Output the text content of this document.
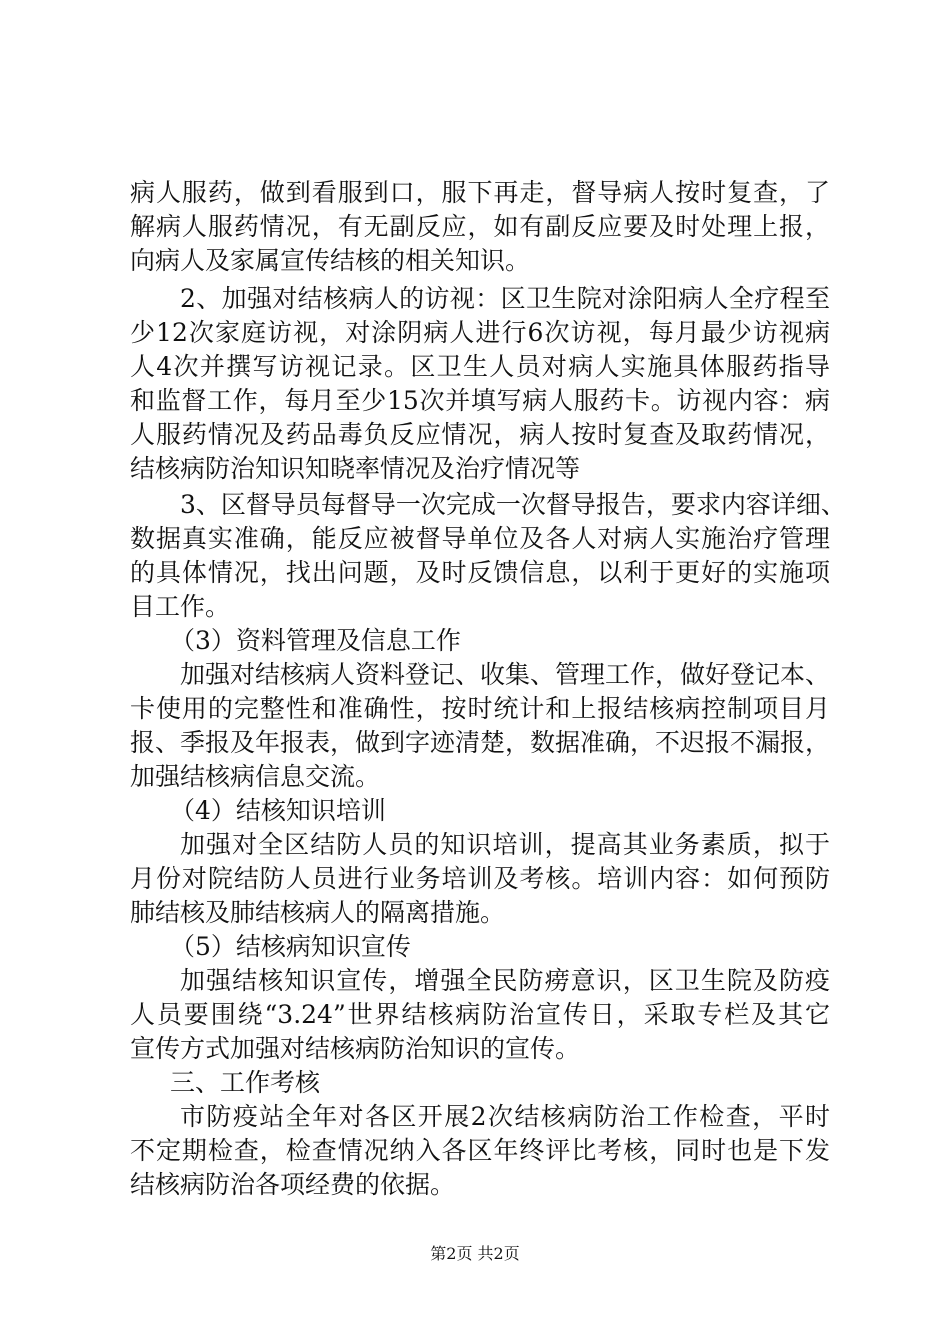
病人服药，做到看服到口，服下再走，督导病人按时复查，了
解病人服药情况，有无副反应，如有副反应要及时处理上报，
向病人及家属宣传结核的相关知识。
2、加强对结核病人的访视：区卫生院对涂阳病人全疗程至
少12次家庭访视，对涂阴病人进行6次访视，每月最少访视病
人4次并撰写访视记录。区卫生人员对病人实施具体服药指导
和监督工作，每月至少15次并填写病人服药卡。访视内容：病
人服药情况及药品毒负反应情况，病人按时复查及取药情况，
结核病防治知识知晓率情况及治疗情况等
3、区督导员每督导一次完成一次督导报告，要求内容详细、
数据真实准确，能反应被督导单位及各人对病人实施治疗管理
的具体情况，找出问题，及时反馈信息，以利于更好的实施项
目工作。
（3）资料管理及信息工作
加强对结核病人资料登记、收集、管理工作，做好登记本、
卡使用的完整性和准确性，按时统计和上报结核病控制项目月
报、季报及年报表，做到字迹清楚，数据准确，不迟报不漏报，
加强结核病信息交流。
（4）结核知识培训
加强对全区结防人员的知识培训，提高其业务素质，拟于
月份对院结防人员进行业务培训及考核。培训内容：如何预防
肺结核及肺结核病人的隔离措施。
（5）结核病知识宣传
加强结核知识宣传，增强全民防痨意识，区卫生院及防疫
人员要围绕“3.24”世界结核病防治宣传日，采取专栏及其它
宣传方式加强对结核病防治知识的宣传。
三、工作考核
市防疫站全年对各区开展2次结核病防治工作检查，平时
不定期检查，检查情况纳入各区年终评比考核，同时也是下发
结核病防治各项经费的依据。
第2页 共2页
